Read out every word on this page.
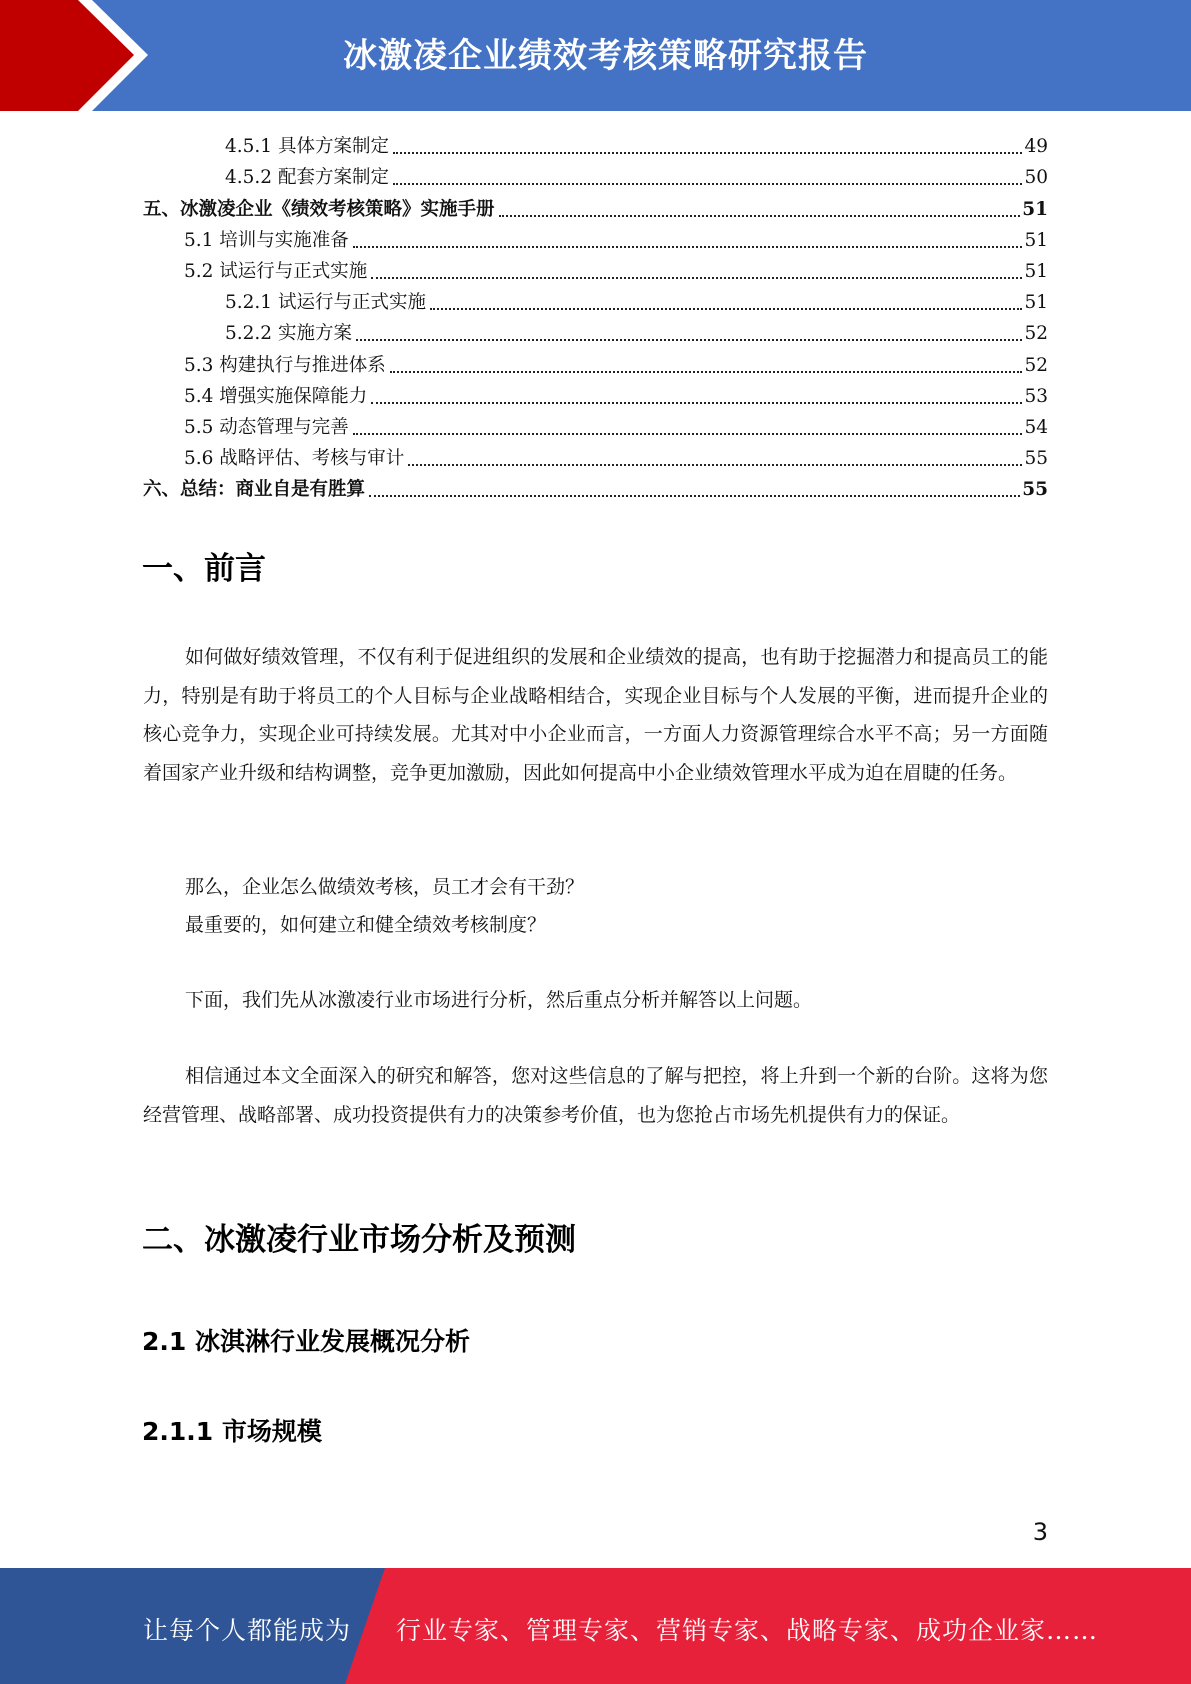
冰激凌企业绩效考核策略研究报告
4.5.1 具体方案制定	49
4.5.2 配套方案制定	50
五、冰激凌企业《绩效考核策略》实施手册	51
5.1 培训与实施准备	51
5.2 试运行与正式实施	51
5.2.1 试运行与正式实施	51
5.2.2 实施方案	52
5.3 构建执行与推进体系	52
5.4 增强实施保障能力	53
5.5 动态管理与完善	54
5.6 战略评估、考核与审计	55
六、总结：商业自是有胜算	55
一、前言
如何做好绩效管理，不仅有利于促进组织的发展和企业绩效的提高，也有助于挖掘潜力和提高员工的能力，特别是有助于将员工的个人目标与企业战略相结合，实现企业目标与个人发展的平衡，进而提升企业的核心竞争力，实现企业可持续发展。尤其对中小企业而言，一方面人力资源管理综合水平不高；另一方面随着国家产业升级和结构调整，竞争更加激励，因此如何提高中小企业绩效管理水平成为迫在眉睫的任务。
那么，企业怎么做绩效考核，员工才会有干劲？
最重要的，如何建立和健全绩效考核制度？
下面，我们先从冰激凌行业市场进行分析，然后重点分析并解答以上问题。
相信通过本文全面深入的研究和解答，您对这些信息的了解与把控，将上升到一个新的台阶。这将为您经营管理、战略部署、成功投资提供有力的决策参考价值，也为您抢占市场先机提供有力的保证。
二、冰激凌行业市场分析及预测
2.1 冰淇淋行业发展概况分析
2.1.1 市场规模
3
让每个人都能成为 行业专家、管理专家、营销专家、战略专家、成功企业家……
